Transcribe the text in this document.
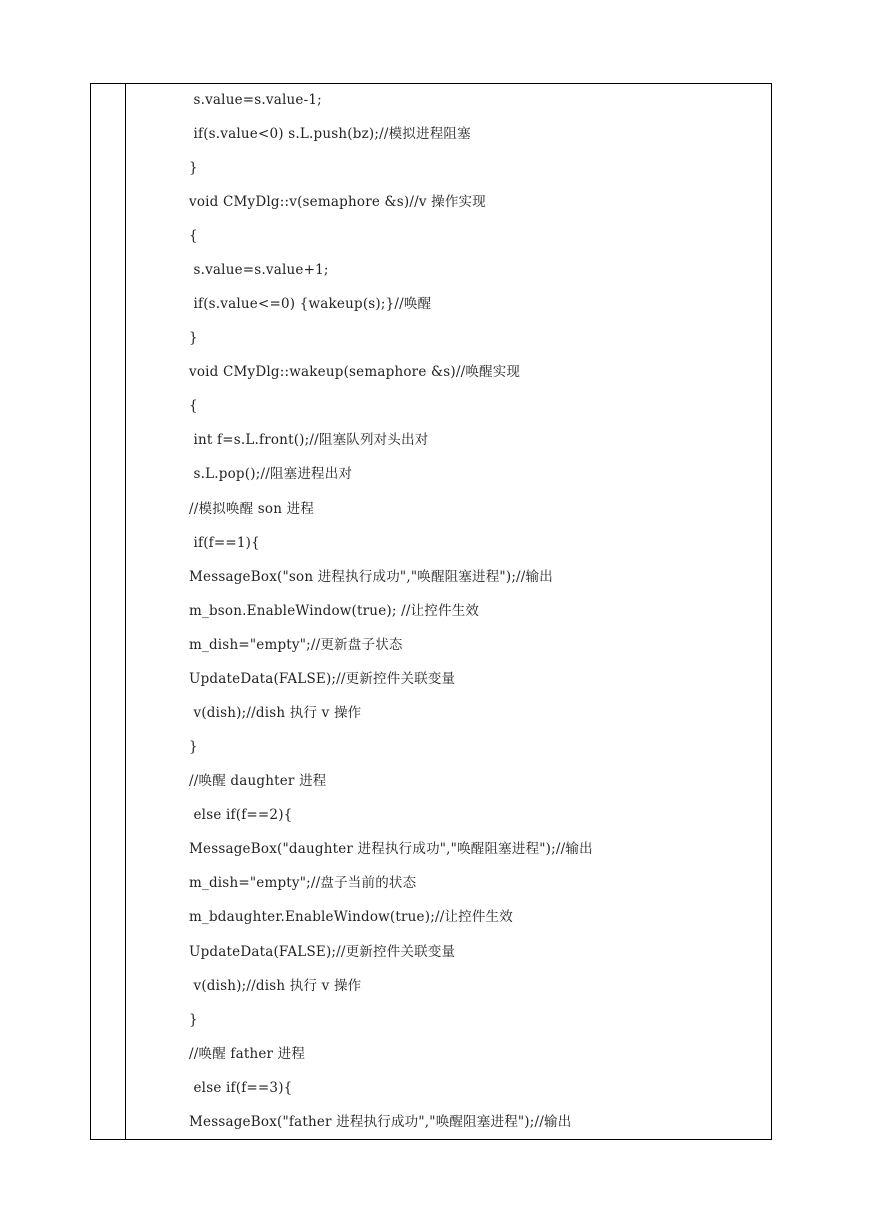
s.value=s.value-1;
if(s.value<0) s.L.push(bz);//模拟进程阻塞
}
void CMyDlg::v(semaphore &s)//v 操作实现
{
s.value=s.value+1;
if(s.value<=0) {wakeup(s);}//唤醒
}
void CMyDlg::wakeup(semaphore &s)//唤醒实现
{
int f=s.L.front();//阻塞队列对头出对
s.L.pop();//阻塞进程出对
//模拟唤醒 son 进程
if(f==1){
MessageBox("son 进程执行成功","唤醒阻塞进程");//输出
m_bson.EnableWindow(true); //让控件生效
m_dish="empty";//更新盘子状态
UpdateData(FALSE);//更新控件关联变量
v(dish);//dish 执行 v 操作
}
//唤醒 daughter 进程
else if(f==2){
MessageBox("daughter 进程执行成功","唤醒阻塞进程");//输出
m_dish="empty";//盘子当前的状态
m_bdaughter.EnableWindow(true);//让控件生效
UpdateData(FALSE);//更新控件关联变量
v(dish);//dish 执行 v 操作
}
//唤醒 father 进程
else if(f==3){
MessageBox("father 进程执行成功","唤醒阻塞进程");//输出
